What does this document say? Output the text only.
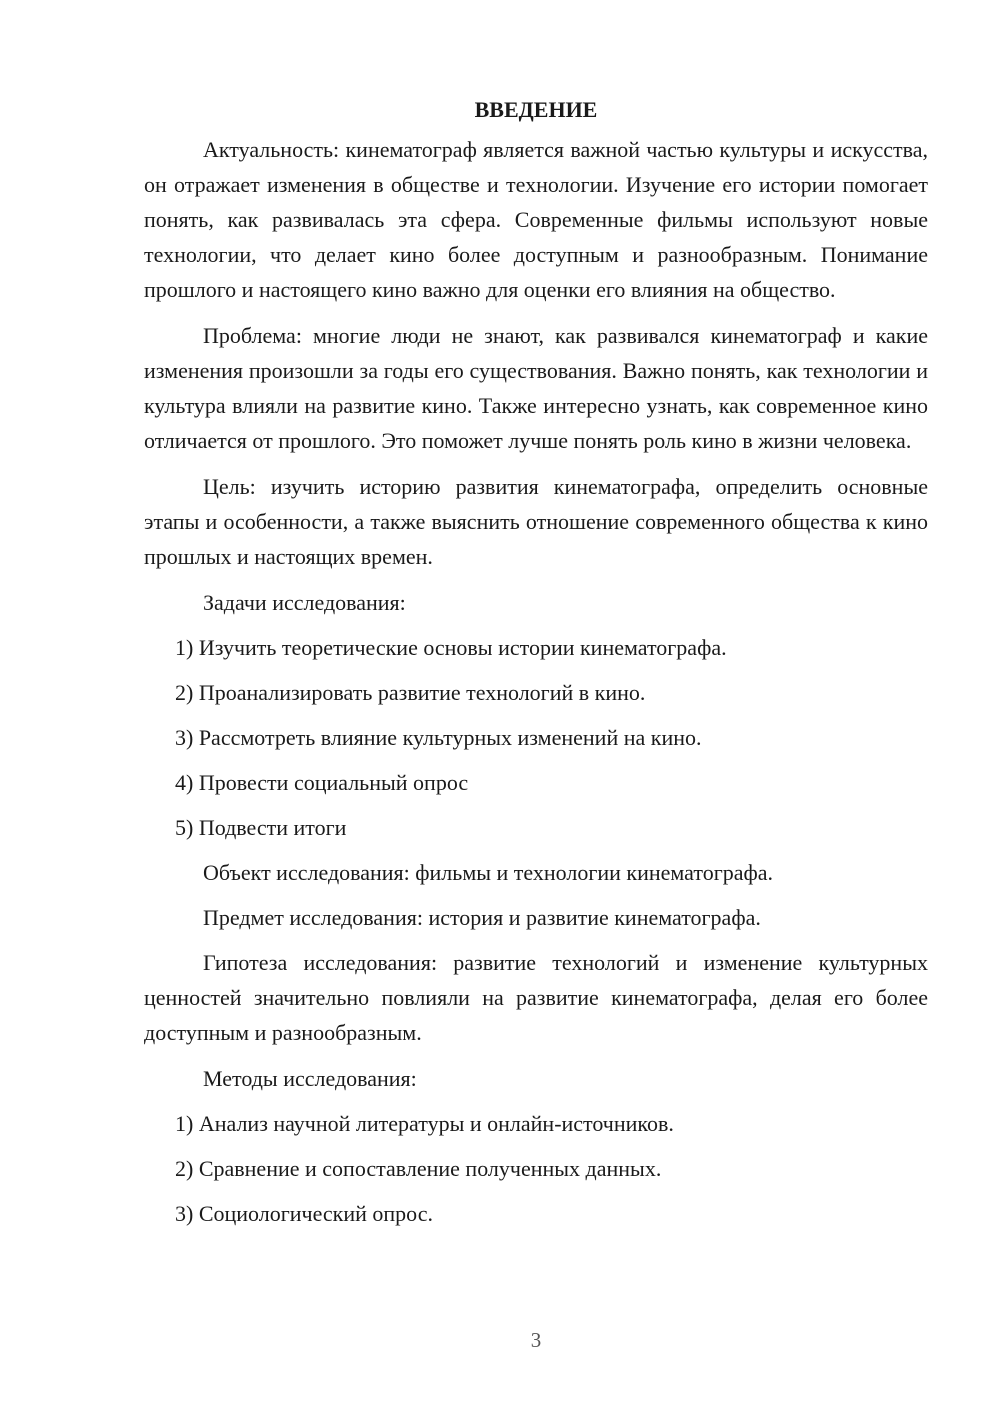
ВВЕДЕНИЕ

Актуальность: кинематограф является важной частью культуры и искусства, он отражает изменения в обществе и технологии. Изучение его истории помогает понять, как развивалась эта сфера. Современные фильмы используют новые технологии, что делает кино более доступным и разнообразным. Понимание прошлого и настоящего кино важно для оценки его влияния на общество.

Проблема: многие люди не знают, как развивался кинематограф и какие изменения произошли за годы его существования. Важно понять, как технологии и культура влияли на развитие кино. Также интересно узнать, как современное кино отличается от прошлого. Это поможет лучше понять роль кино в жизни человека.

Цель: изучить историю развития кинематографа, определить основные этапы и особенности, а также выяснить отношение современного общества к кино прошлых и настоящих времен.

Задачи исследования:

1) Изучить теоретические основы истории кинематографа.

2) Проанализировать развитие технологий в кино.

3) Рассмотреть влияние культурных изменений на кино.

4) Провести социальный опрос

5) Подвести итоги

Объект исследования: фильмы и технологии кинематографа.

Предмет исследования: история и развитие кинематографа.

Гипотеза исследования: развитие технологий и изменение культурных ценностей значительно повлияли на развитие кинематографа, делая его более доступным и разнообразным.

Методы исследования:

1) Анализ научной литературы и онлайн-источников.

2) Сравнение и сопоставление полученных данных.

3) Социологический опрос.

3
